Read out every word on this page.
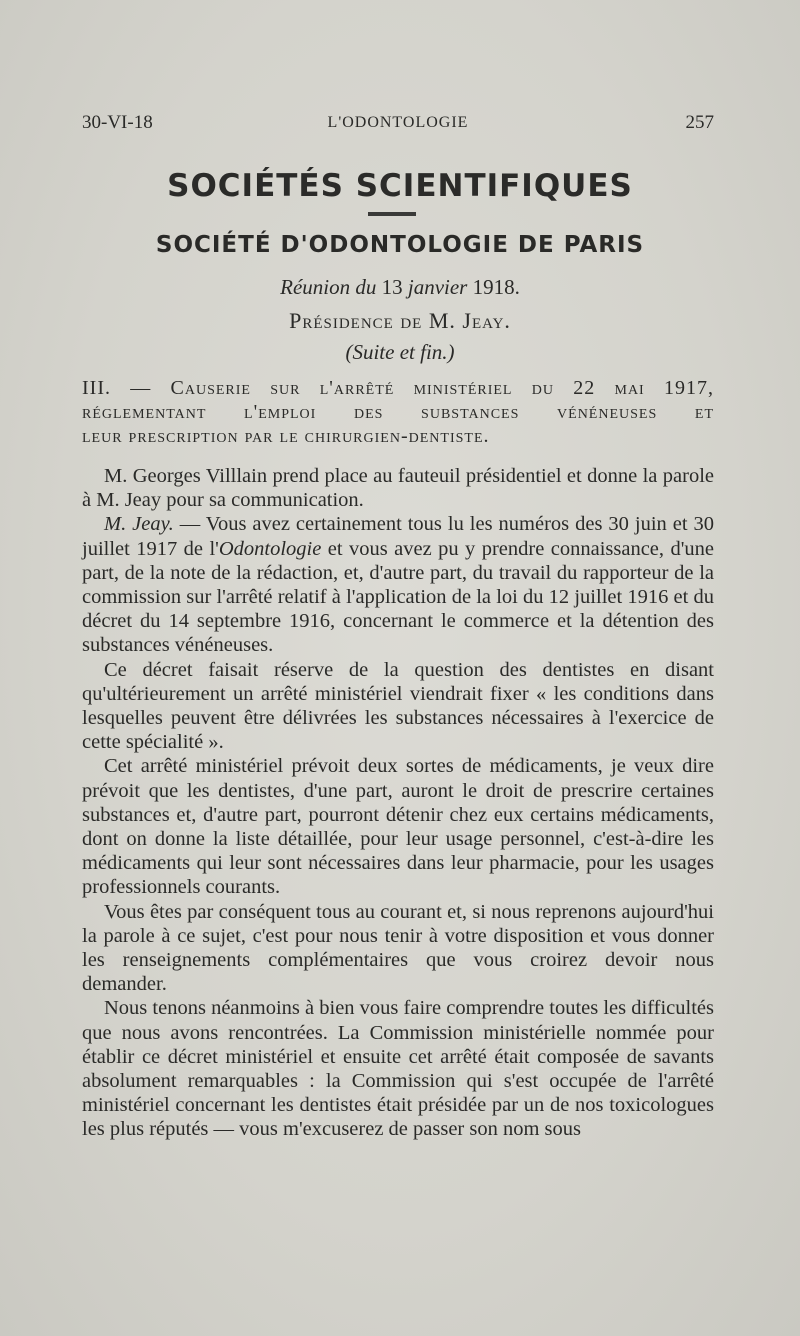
30-VI-18	L'ODONTOLOGIE	257
SOCIÉTÉS SCIENTIFIQUES
SOCIÉTÉ D'ODONTOLOGIE DE PARIS
Réunion du 13 janvier 1918.
Présidence de M. Jeay.
(Suite et fin.)
III. — Causerie sur l'arrêté ministériel du 22 mai 1917,
réglementant l'emploi des substances vénéneuses et
leur prescription par le chirurgien-dentiste.

M. Georges Villlain prend place au fauteuil présidentiel et donne la parole à M. Jeay pour sa communication.

M. Jeay. — Vous avez certainement tous lu les numéros des 30 juin et 30 juillet 1917 de l'Odontologie et vous avez pu y prendre connaissance, d'une part, de la note de la rédaction, et, d'autre part, du travail du rapporteur de la commission sur l'arrêté relatif à l'application de la loi du 12 juillet 1916 et du décret du 14 septembre 1916, concernant le commerce et la détention des substances vénéneuses.

Ce décret faisait réserve de la question des dentistes en disant qu'ultérieurement un arrêté ministériel viendrait fixer « les conditions dans lesquelles peuvent être délivrées les substances nécessaires à l'exercice de cette spécialité ».

Cet arrêté ministériel prévoit deux sortes de médicaments, je veux dire prévoit que les dentistes, d'une part, auront le droit de prescrire certaines substances et, d'autre part, pourront détenir chez eux certains médicaments, dont on donne la liste détaillée, pour leur usage personnel, c'est-à-dire les médicaments qui leur sont nécessaires dans leur pharmacie, pour les usages professionnels courants.

Vous êtes par conséquent tous au courant et, si nous reprenons aujourd'hui la parole à ce sujet, c'est pour nous tenir à votre disposition et vous donner les renseignements complémentaires que vous croirez devoir nous demander.

Nous tenons néanmoins à bien vous faire comprendre toutes les difficultés que nous avons rencontrées. La Commission ministérielle nommée pour établir ce décret ministériel et ensuite cet arrêté était composée de savants absolument remarquables : la Commission qui s'est occupée de l'arrêté ministériel concernant les dentistes était présidée par un de nos toxicologues les plus réputés — vous m'excuserez de passer son nom sous
